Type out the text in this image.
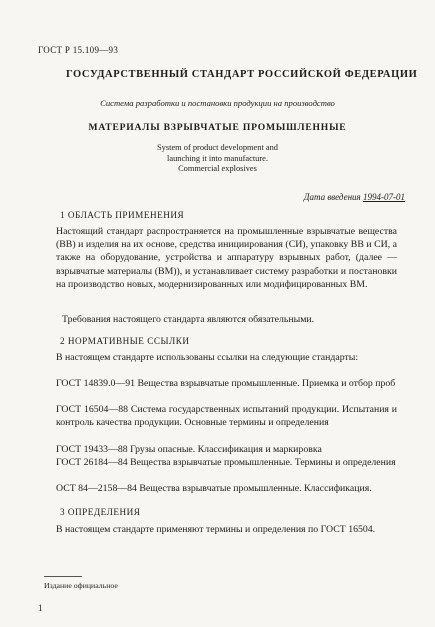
ГОСТ Р 15.109—93
ГОСУДАРСТВЕННЫЙ СТАНДАРТ РОССИЙСКОЙ ФЕДЕРАЦИИ
Система разработки и постановки продукции на производство
МАТЕРИАЛЫ ВЗРЫВЧАТЫЕ ПРОМЫШЛЕННЫЕ
System of product development and
launching it into manufacture.
Commercial explosives
Дата введения 1994-07-01
1 ОБЛАСТЬ ПРИМЕНЕНИЯ
Настоящий стандарт распространяется на промышленные взрывчатые вещества (ВВ) и изделия на их основе, средства инициирования (СИ), упаковку ВВ и СИ, а также на оборудование, устройства и аппаратуру взрывных работ, (далее — взрывчатые материалы (ВМ)), и устанавливает систему разработки и постановки на производство новых, модернизированных или модифицированных ВМ.
Требования настоящего стандарта являются обязательными.
2 НОРМАТИВНЫЕ ССЫЛКИ
В настоящем стандарте использованы ссылки на следующие стандарты:
ГОСТ 14839.0—91 Вещества взрывчатые промышленные. Приемка и отбор проб
ГОСТ 16504—88 Система государственных испытаний продукции. Испытания и контроль качества продукции. Основные термины и определения
ГОСТ 19433—88 Грузы опасные. Классификация и маркировка
ГОСТ 26184—84 Вещества взрывчатые промышленные. Термины и определения
ОСТ 84—2158—84 Вещества взрывчатые промышленные. Классификация.
3 ОПРЕДЕЛЕНИЯ
В настоящем стандарте применяют термины и определения по ГОСТ 16504.
Издание официальное
1
